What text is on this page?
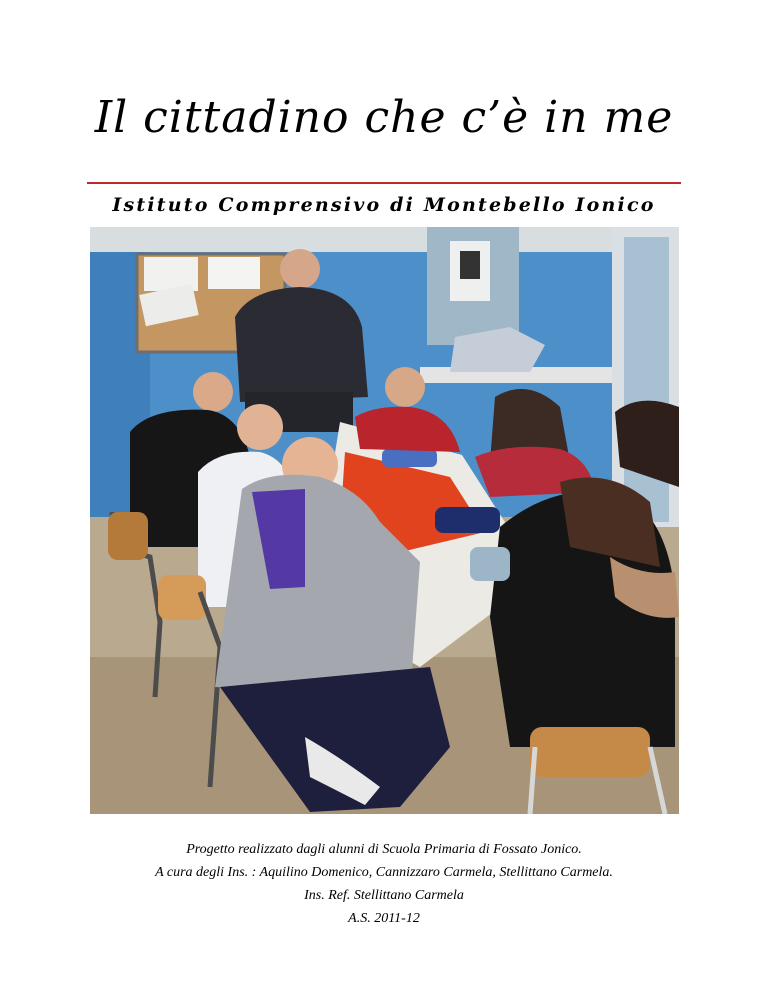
Il cittadino che c’è in me
Istituto Comprensivo di Montebello Ionico
Progetto realizzato dagli alunni di Scuola Primaria di Fossato Jonico.
A cura degli Ins. : Aquilino Domenico, Cannizzaro Carmela, Stellittano Carmela.
Ins. Ref. Stellittano Carmela
A.S. 2011-12
